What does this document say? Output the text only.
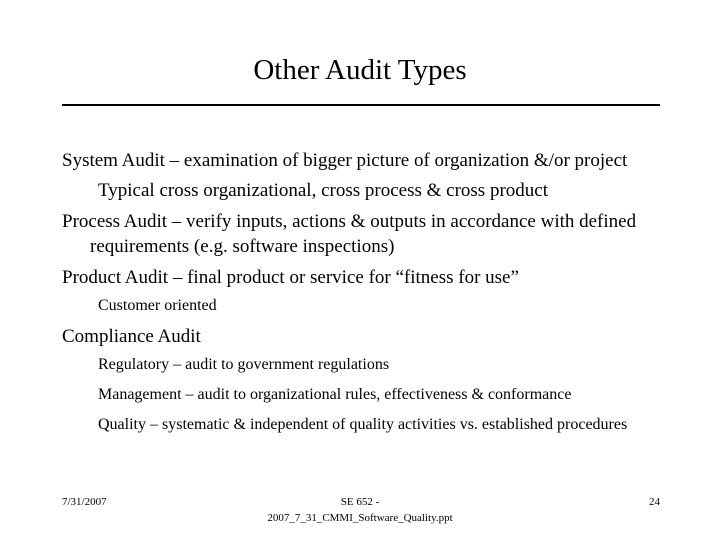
Other Audit Types

System Audit – examination of bigger picture of organization &/or project

Typical cross organizational, cross process & cross product

Process Audit – verify inputs, actions & outputs in accordance with defined requirements (e.g. software inspections)

Product Audit – final product or service for “fitness for use”

Customer oriented

Compliance Audit

Regulatory – audit to government regulations

Management – audit to organizational rules, effectiveness & conformance

Quality – systematic & independent of quality activities vs. established procedures

7/31/2007	SE 652 -
2007_7_31_CMMI_Software_Quality.ppt
24
